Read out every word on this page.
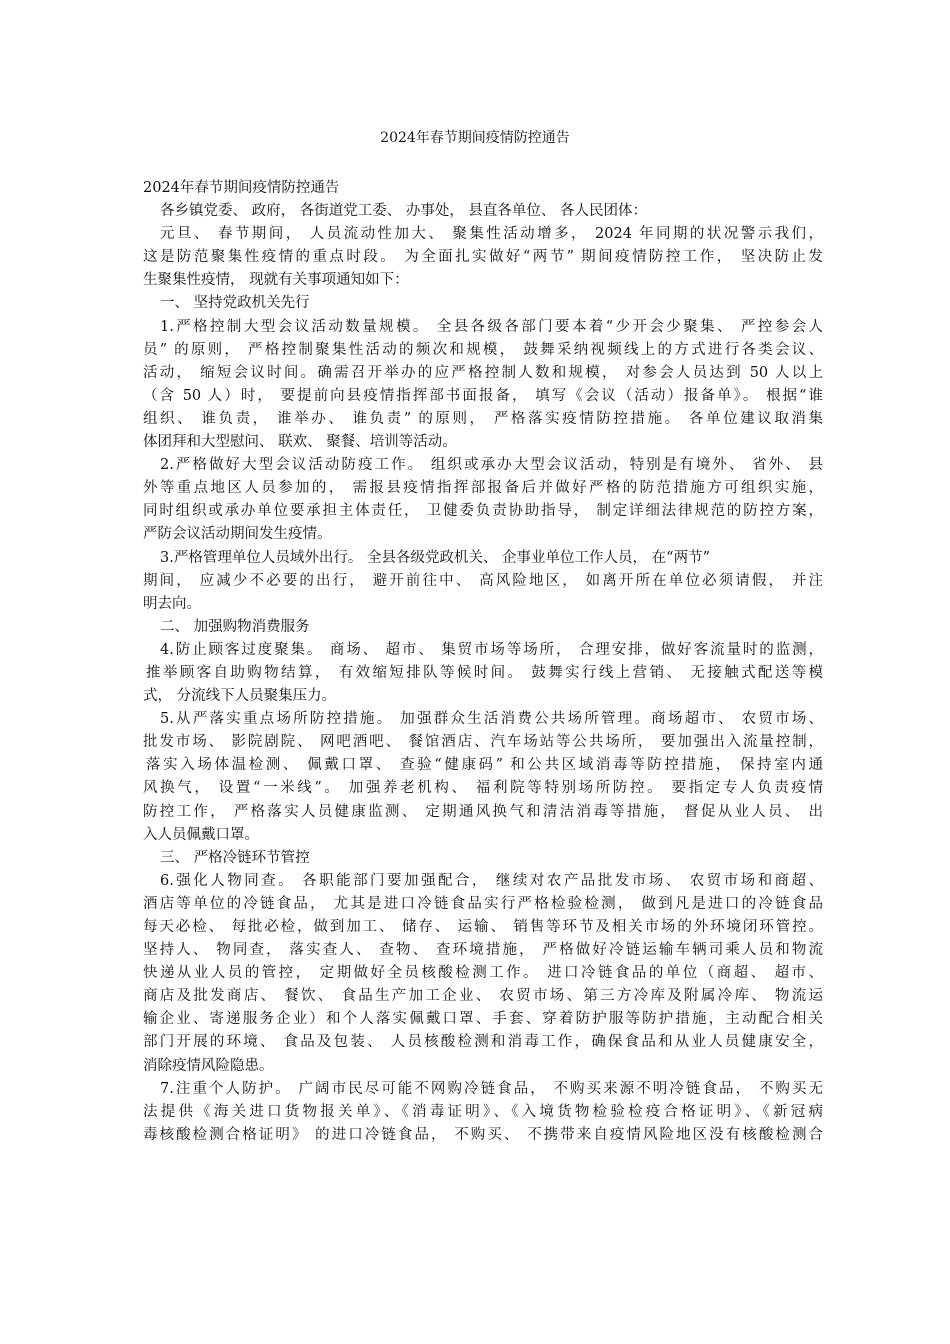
2024年春节期间疫情防控通告
2024年春节期间疫情防控通告
各乡镇党委、 政府， 各街道党工委、 办事处， 县直各单位、 各人民团体：
元旦、 春节期间， 人员流动性加大、 聚集性活动增多， 2024 年同期的状况警示我们，
这是防范聚集性疫情的重点时段。 为全面扎实做好“两节” 期间疫情防控工作， 坚决防止发
生聚集性疫情， 现就有关事项通知如下：
一、 坚持党政机关先行
1.严格控制大型会议活动数量规模。 全县各级各部门要本着“少开会少聚集、 严控参会人
员” 的原则， 严格控制聚集性活动的频次和规模， 鼓舞采纳视频线上的方式进行各类会议、
活动， 缩短会议时间。确需召开举办的应严格控制人数和规模， 对参会人员达到 50 人以上
（含 50 人）时， 要提前向县疫情指挥部书面报备， 填写《会议（活动）报备单》。 根据“谁
组织、 谁负责， 谁举办、 谁负责” 的原则， 严格落实疫情防控措施。 各单位建议取消集
体团拜和大型慰问、 联欢、 聚餐、培训等活动。
2.严格做好大型会议活动防疫工作。 组织或承办大型会议活动，特别是有境外、 省外、 县
外等重点地区人员参加的， 需报县疫情指挥部报备后并做好严格的防范措施方可组织实施，
同时组织或承办单位要承担主体责任， 卫健委负责协助指导， 制定详细法律规范的防控方案，
严防会议活动期间发生疫情。
3.严格管理单位人员域外出行。 全县各级党政机关、 企事业单位工作人员， 在“两节”
期间， 应减少不必要的出行， 避开前往中、 高风险地区， 如离开所在单位必须请假， 并注
明去向。
二、 加强购物消费服务
4.防止顾客过度聚集。 商场、 超市、 集贸市场等场所， 合理安排，做好客流量时的监测，
推举顾客自助购物结算， 有效缩短排队等候时间。 鼓舞实行线上营销、 无接触式配送等模
式， 分流线下人员聚集压力。
5.从严落实重点场所防控措施。 加强群众生活消费公共场所管理。商场超市、 农贸市场、
批发市场、 影院剧院、 网吧酒吧、 餐馆酒店、汽车场站等公共场所， 要加强出入流量控制，
落实入场体温检测、 佩戴口罩、 查验“健康码” 和公共区域消毒等防控措施， 保持室内通
风换气， 设置“一米线”。 加强养老机构、 福利院等特别场所防控。 要指定专人负责疫情
防控工作， 严格落实人员健康监测、 定期通风换气和清洁消毒等措施， 督促从业人员、 出
入人员佩戴口罩。
三、 严格冷链环节管控
6.强化人物同查。 各职能部门要加强配合， 继续对农产品批发市场、 农贸市场和商超、
酒店等单位的冷链食品， 尤其是进口冷链食品实行严格检验检测， 做到凡是进口的冷链食品
每天必检、 每批必检，做到加工、 储存、 运输、 销售等环节及相关市场的外环境闭环管控。
坚持人、 物同查， 落实查人、 查物、 查环境措施， 严格做好冷链运输车辆司乘人员和物流
快递从业人员的管控， 定期做好全员核酸检测工作。 进口冷链食品的单位（商超、 超市、
商店及批发商店、 餐饮、 食品生产加工企业、 农贸市场、第三方冷库及附属冷库、 物流运
输企业、寄递服务企业）和个人落实佩戴口罩、手套、穿着防护服等防护措施，主动配合相关
部门开展的环境、 食品及包装、 人员核酸检测和消毒工作，确保食品和从业人员健康安全，
消除疫情风险隐患。
7.注重个人防护。 广阔市民尽可能不网购冷链食品， 不购买来源不明冷链食品， 不购买无
法提供《海关进口货物报关单》、《消毒证明》、《入境货物检验检疫合格证明》、《新冠病
毒核酸检测合格证明》 的进口冷链食品， 不购买、 不携带来自疫情风险地区没有核酸检测合
